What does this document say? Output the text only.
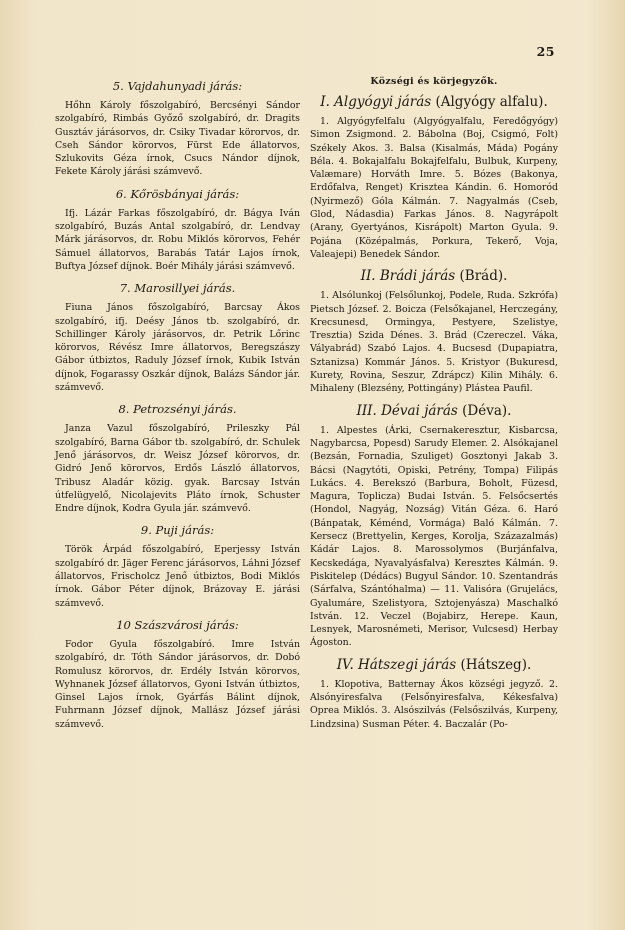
25
5. Vajdahunyadi járás:

Hőhn Károly főszolgabíró, Bercsényi Sándor szolgabíró, Rimbás Győző szolgabíró, dr. Dragits Gusztáv járásorvos, dr. Csiky Tivadar körorvos, dr. Cseh Sándor körorvos, Fürst Ede állatorvos, Szlukovits Géza írnok, Csucs Nándor díjnok, Fekete Károly járási számvevő.

6. Kőrösbányai járás:

Ifj. Lázár Farkas főszolgabíró, dr. Bágya Iván szolgabíró, Buzás Antal szolgabíró, dr. Lendvay Márk járásorvos, dr. Robu Miklós körorvos, Fehér Sámuel állatorvos, Barabás Tatár Lajos írnok, Buftya József díjnok. Boér Mihály járási számvevő.

7. Marosillyei járás.

Fiuna János főszolgabíró, Barcsay Ákos szolgabíró, ifj. Deésy János tb. szolgabíró, dr. Schillinger Károly járásorvos, dr. Petrik Lőrinc körorvos, Révész Imre állatorvos, Beregszászy Gábor útbiztos, Raduly József írnok, Kubik István díjnok, Fogarassy Oszkár díjnok, Balázs Sándor jár. számvevő.

8. Petrozsényi járás.

Janza Vazul főszolgabíró, Prileszky Pál szolgabíró, Barna Gábor tb. szolgabíró, dr. Schulek Jenő járásorvos, dr. Weisz József körorvos, dr. Gidró Jenő körorvos, Erdős László állatorvos, Tribusz Aladár közig. gyak. Barcsay István útfelügyelő, Nicolajevits Pláto írnok, Schuster Endre díjnok, Kodra Gyula jár. számvevő.

9. Puji járás:

Török Árpád főszolgabíró, Eperjessy István szolgabíró dr. Jäger Ferenc járásorvos, Láhni József állatorvos, Frischolcz Jenő útbiztos, Bodi Miklós írnok. Gábor Péter díjnok, Brázovay E. járási számvevő.

10 Szászvárosi járás:

Fodor Gyula főszolgabíró. Imre István szolgabíró, dr. Tóth Sándor járásorvos, dr. Dobó Romulusz körorvos, dr. Erdély István körorvos, Wyhnanek József állatorvos, Gyoni István útbiztos, Ginsel Lajos írnok, Gyárfás Bálint díjnok, Fuhrmann József díjnok, Mallász József járási számvevő.

Községi és körjegyzők.
I. Algyógyi járás (Algyógy alfalu).

1. Algyógyfelfalu (Algyógyalfalu, Feredőgyógy) Simon Zsigmond. 2. Bábolna (Boj, Csigmó, Folt) Székely Akos. 3. Balsa (Kisalmás, Máda) Pogány Béla. 4. Bokajalfalu Bokajfelfalu, Bulbuk, Kurpeny, Valæmare) Horváth Imre. 5. Bózes (Bakonya, Erdőfalva, Renget) Krisztea Kándin. 6. Homoród (Nyirmező) Góla Kálmán. 7. Nagyalmás (Cseb, Glod, Nádasdia) Farkas János. 8. Nagyrápolt (Arany, Gyertyános, Kisrápolt) Marton Gyula. 9. Pojána (Középalmás, Porkura, Tekerő, Voja, Valeajepi) Benedek Sándor.

II. Brádi járás (Brád).

1. Alsólunkoj (Felsőlunkoj, Podele, Ruda. Szkrófa) Pietsch József. 2. Boicza (Felsőkajanel, Herczegány, Krecsunesd, Ormingya, Pestyere, Szelistye, Tresztia) Szida Dénes. 3. Brád (Czereczel. Váka, Vályabrád) Szabó Lajos. 4. Bucsesd (Dupapiatra, Sztanizsa) Kommár János. 5. Kristyor (Bukuresd, Kurety, Rovina, Seszur, Zdrápcz) Kilin Mihály. 6. Mihaleny (Blezsény, Pottingány) Plástea Paufil.

III. Dévai járás (Déva).

1. Alpestes (Árki, Csernakeresztur, Kisbarcsa, Nagybarcsa, Popesd) Sarudy Elemer. 2. Alsókajanel (Bezsán, Fornadia, Szuliget) Gosztonyi Jakab 3. Bácsi (Nagytóti, Opiski, Petrény, Tompa) Filipás Lukács. 4. Berekszó (Barbura, Boholt, Füzesd, Magura, Toplicza) Budai István. 5. Felsőcsertés (Hondol, Nagyág, Nozság) Vitán Géza. 6. Haró (Bánpatak, Kéménd, Vormága) Baló Kálmán. 7. Kersecz (Brettyelin, Kerges, Korolja, Százazalmás) Kádár Lajos. 8. Marossolymos (Burjánfalva, Kecskedága, Nyavalyásfalva) Keresztes Kálmán. 9. Piskitelep (Dédács) Bugyul Sándor. 10. Szentandrás (Sárfalva, Szántóhalma) — 11. Valisóra (Grujelács, Gyalumáre, Szelistyora, Sztojenyásza) Maschalkó István. 12. Veczel (Bojabirz, Herepe. Kaun, Lesnyek, Marosnémeti, Merisor, Vulcsesd) Herbay Ágoston.

IV. Hátszegi járás (Hátszeg).

1. Klopotiva, Batternay Ákos községi jegyző. 2. Alsónyiresfalva (Felsőnyiresfalva, Kékesfalva) Oprea Miklós. 3. Alsószilvás (Felsőszilvás, Kurpeny, Lindzsina) Susman Péter. 4. Baczalár (Po-
